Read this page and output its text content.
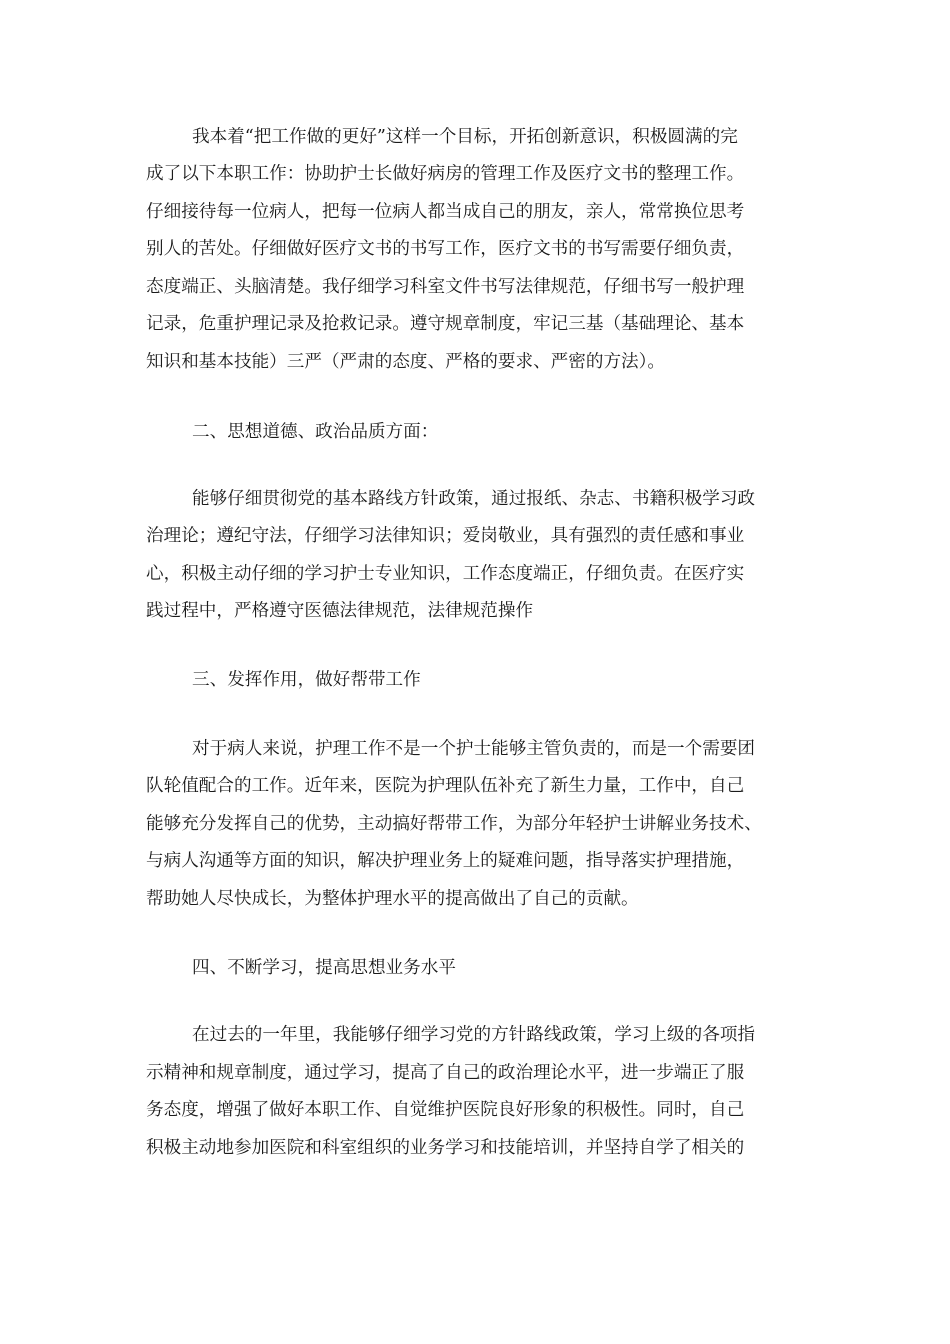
我本着“把工作做的更好”这样一个目标，开拓创新意识，积极圆满的完
成了以下本职工作：协助护士长做好病房的管理工作及医疗文书的整理工作。
仔细接待每一位病人，把每一位病人都当成自己的朋友，亲人，常常换位思考
别人的苦处。仔细做好医疗文书的书写工作，医疗文书的书写需要仔细负责，
态度端正、头脑清楚。我仔细学习科室文件书写法律规范，仔细书写一般护理
记录，危重护理记录及抢救记录。遵守规章制度，牢记三基（基础理论、基本
知识和基本技能）三严（严肃的态度、严格的要求、严密的方法）。
二、思想道德、政治品质方面：
能够仔细贯彻党的基本路线方针政策，通过报纸、杂志、书籍积极学习政
治理论；遵纪守法，仔细学习法律知识；爱岗敬业，具有强烈的责任感和事业
心，积极主动仔细的学习护士专业知识，工作态度端正，仔细负责。在医疗实
践过程中，严格遵守医德法律规范，法律规范操作
三、发挥作用，做好帮带工作
对于病人来说，护理工作不是一个护士能够主管负责的，而是一个需要团
队轮值配合的工作。近年来，医院为护理队伍补充了新生力量，工作中，自己
能够充分发挥自己的优势，主动搞好帮带工作，为部分年轻护士讲解业务技术、
与病人沟通等方面的知识，解决护理业务上的疑难问题，指导落实护理措施，
帮助她人尽快成长，为整体护理水平的提高做出了自己的贡献。
四、不断学习，提高思想业务水平
在过去的一年里，我能够仔细学习党的方针路线政策，学习上级的各项指
示精神和规章制度，通过学习，提高了自己的政治理论水平，进一步端正了服
务态度，增强了做好本职工作、自觉维护医院良好形象的积极性。同时，自己
积极主动地参加医院和科室组织的业务学习和技能培训，并坚持自学了相关的
